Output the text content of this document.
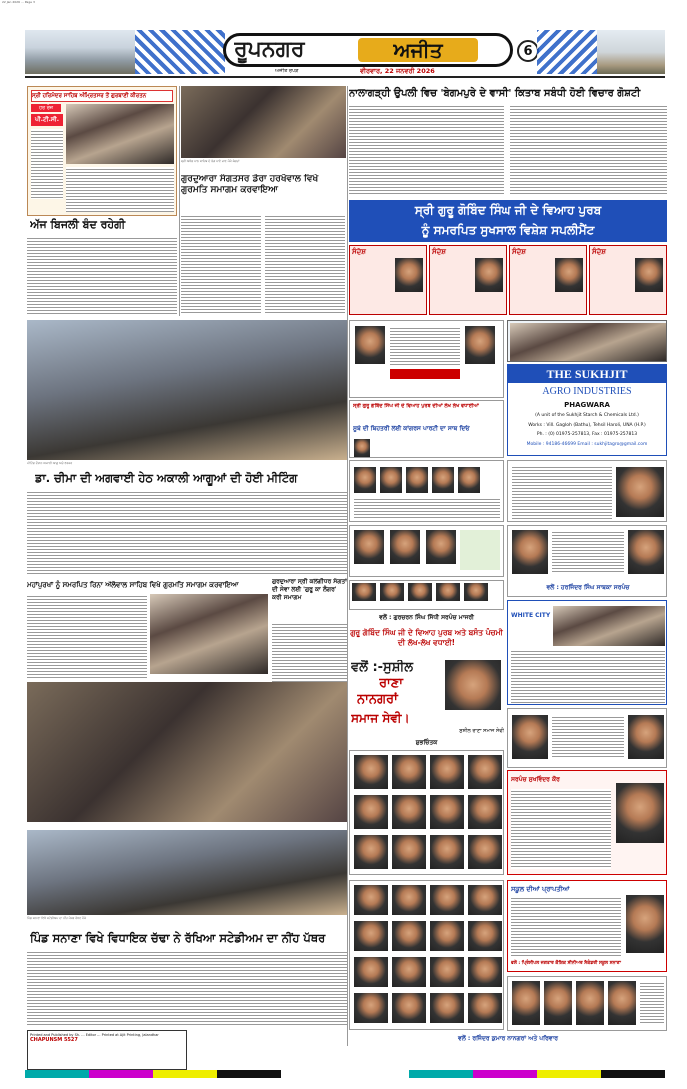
22 Jan 2026 ... Page 3
ਰੂਪਨਗਰ	ਅਜੀਤ	6
ਅਜੀਤ ਰੋਪੜ	ਵੀਰਵਾਰ, 22 ਜਨਵਰੀ 2026
ਸ੍ਰੀ ਹਰਿਮੰਦਰ ਸਾਹਿਬ ਅੰਮ੍ਰਿਤਸਰ ਤੋਂ ਗੁਰਬਾਣੀ ਕੀਰਤਨ
ਹਰ ਰੋਜ਼
ਪੀ.ਟੀ.ਸੀ.
ਸ੍ਰੀ ਅਖੰਡ ਪਾਠ ਸਾਹਿਬ ਦੇ ਭੋਗ ਪਾਏ ਜਾਣ ਮੌਕੇ ਸੰਗਤਾਂ
ਗੁਰਦੁਆਰਾ ਸੰਗਤਸਰ ਡੇਰਾ ਹਰਖੋਵਾਲ ਵਿਖੇ ਗੁਰਮਤਿ ਸਮਾਗਮ ਕਰਵਾਇਆ
ਅੱਜ ਬਿਜਲੀ ਬੰਦ ਰਹੇਗੀ
ਮੀਟਿੰਗ ਦੌਰਾਨ ਅਕਾਲੀ ਆਗੂ ਅਤੇ ਵਰਕਰ
ਡਾ. ਚੀਮਾ ਦੀ ਅਗਵਾਈ ਹੇਠ ਅਕਾਲੀ ਆਗੂਆਂ ਦੀ ਹੋਈ ਮੀਟਿੰਗ
ਮਹਾਂਪੁਰਖਾਂ ਨੂੰ ਸਮਰਪਿਤ ਰਿਨਾ ਅੱਲੋਵਾਲ ਸਾਹਿਬ ਵਿਖੇ ਗੁਰਮਤਿ ਸਮਾਗਮ ਕਰਵਾਇਆ	ਗੁਰਦੁਆਰਾ ਸ੍ਰੀ ਕਲਗੀਧਰ ਸੰਗਤਾਂ ਦੀ ਸੇਵਾ ਲਈ 'ਗੁਰੂ ਕਾ ਲੰਗਰ' ਕਰੀ ਸਮਾਗਮ
ਪਿੰਡ ਸਨਾਣਾ ਵਿਖੇ ਸਟੇਡੀਅਮ ਦਾ ਨੀਂਹ ਪੱਥਰ ਰੱਖਣ ਮੌਕੇ
ਪਿੰਡ ਸਨਾਣਾ ਵਿਖੇ ਵਿਧਾਇਕ ਚੱਢਾ ਨੇ ਰੱਖਿਆ ਸਟੇਡੀਅਮ ਦਾ ਨੀਂਹ ਪੱਥਰ
Printed and Published by Sh. ... Editor ... Printed at Ajit Printing, Jalandhar
CHAPUNSM 5527
ਨਾਲਾਗੜ੍ਹੀ ਉਪਲੀ ਵਿਚ 'ਬੇਗਮਪੁਰੇ ਦੇ ਵਾਸੀ' ਕਿਤਾਬ ਸਬੰਧੀ ਹੋਈ ਵਿਚਾਰ ਗੋਸ਼ਟੀ
ਸ੍ਰੀ ਗੁਰੂ ਗੋਬਿੰਦ ਸਿੰਘ ਜੀ ਦੇ ਵਿਆਹ ਪੁਰਬ
ਨੂੰ ਸਮਰਪਿਤ ਸੁਖਸਾਲ ਵਿਸ਼ੇਸ਼ ਸਪਲੀਮੈਂਟ
ਸੰਦੇਸ਼	ਸੰਦੇਸ਼	ਸੰਦੇਸ਼	ਸੰਦੇਸ਼
ਸ੍ਰੀ ਗੁਰੂ ਗੋਬਿੰਦ ਸਿੰਘ ਜੀ ਦੇ ਵਿਆਹ ਪੁਰਬ ਦੀਆਂ ਲੱਖ ਲੱਖ ਵਧਾਈਆਂ
ਸੂਬੇ ਦੀ ਬਿਹਤਰੀ ਲਈ ਕਾਂਗਰਸ ਪਾਰਟੀ ਦਾ ਸਾਥ ਦਿਓ
THE SUKHJIT
AGRO INDUSTRIES
PHAGWARA
(A unit of the Sukhjit Starch & Chemicals Ltd.)
Works : Vill. Gagloh (Bathu), Tehsil Haroli, UNA (H.P.)
Ph. : (0) 01975-257813, Fax : 01975-257813
Mobile : 94186-46699 Email : sukhjitagro@gmail.com
ਵਲੋਂ : ਹਰਜਿੰਦਰ ਸਿੰਘ ਸਾਬਕਾ ਸਰਪੰਚ
ਵਲੋਂ : ਗੁਰਚਰਨ ਸਿੰਘ ਸਿੱਧੀ ਸਰਪੰਚ ਮਾਜਰੀ
ਗੁਰੂ ਗੋਬਿੰਦ ਸਿੰਘ ਜੀ ਦੇ ਵਿਆਹ ਪੁਰਬ ਅਤੇ ਬਸੰਤ ਪੰਚਮੀ ਦੀ ਲੱਖ-ਲੱਖ ਵਧਾਈ!
ਵਲੋਂ :-ਸੁਸ਼ੀਲ
ਰਾਣਾ
ਨਾਨਗਰਾਂ
ਸਮਾਜ ਸੇਵੀ।
ਸੁਸ਼ੀਲ ਰਾਣਾ ਸਮਾਜ ਸੇਵੀ
WHITE CITY
ਸ਼ੁਭਚਿੰਤਕ
ਸਰਪੰਚ ਸੁਖਵਿੰਦਰ ਕੌਰ
ਸਕੂਲ ਦੀਆਂ ਪ੍ਰਾਪਤੀਆਂ
ਵਲੋਂ : ਪ੍ਰਿੰਸੀਪਲ ਜਗਤਾਰ ਕੌਸ਼ਿਕ ਸੀਨੀਅਰ ਸੈਕੰਡਰੀ ਸਕੂਲ ਸਨਾਣਾ
ਵਲੋਂ : ਰਜਿੰਦਰ ਕੁਮਾਰ ਨਾਨਗਰਾਂ ਅਤੇ ਪਰਿਵਾਰ
